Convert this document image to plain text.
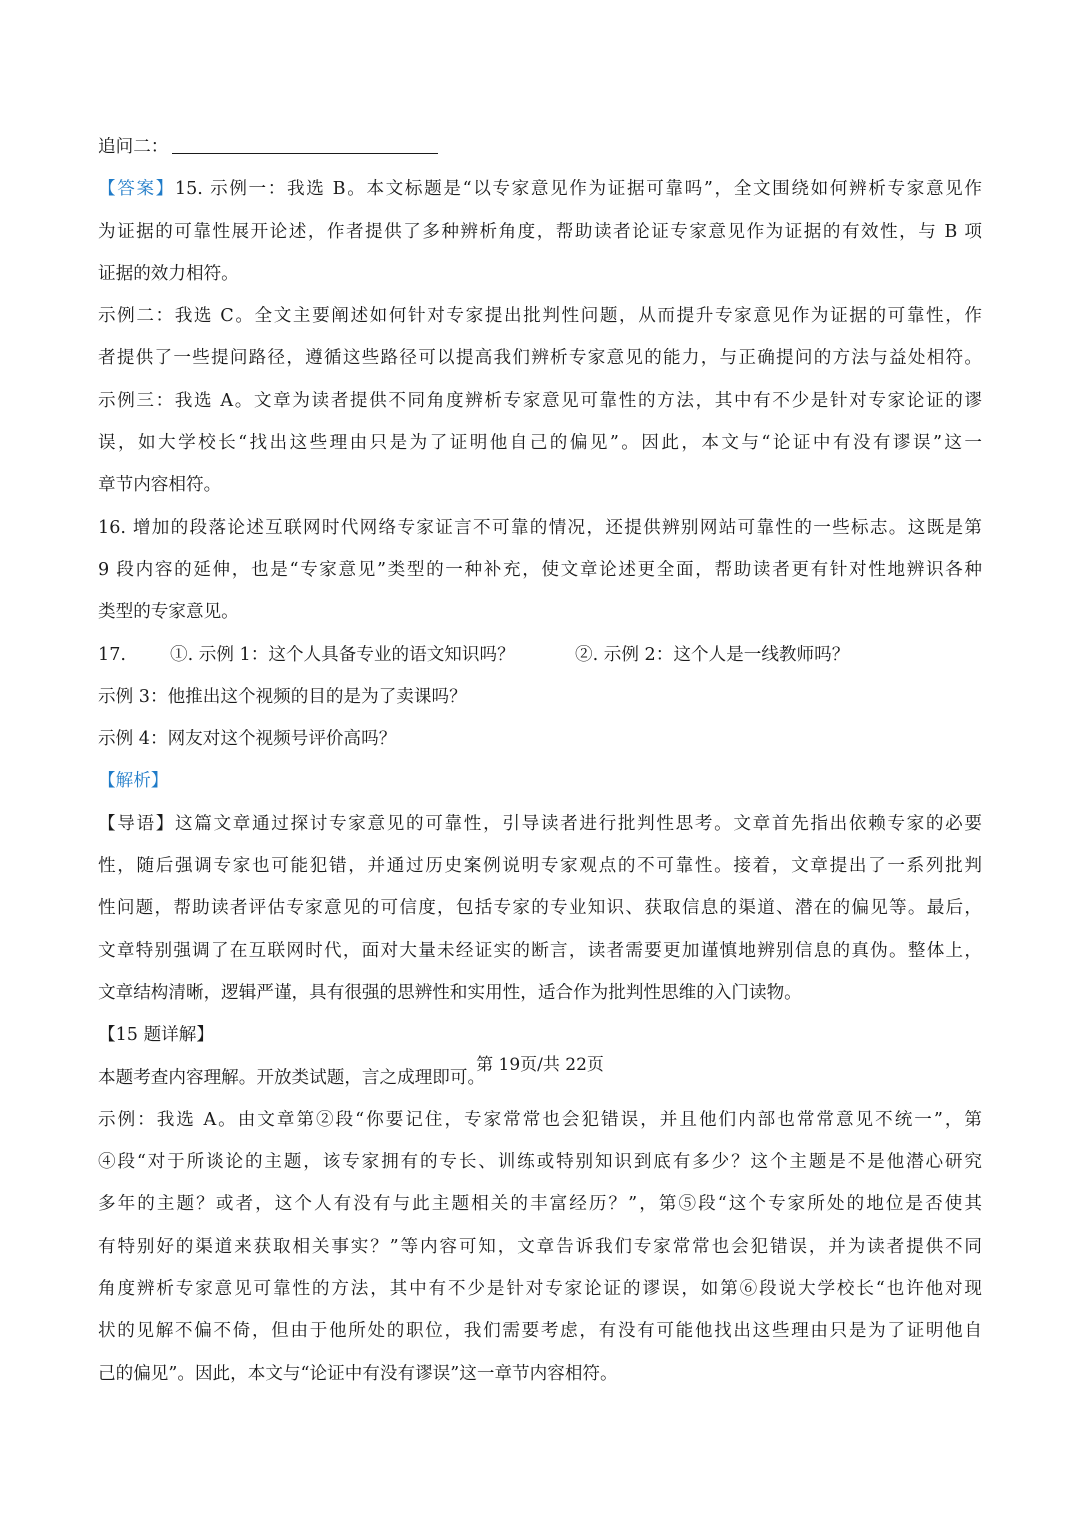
追问二：
【答案】15. 示例一：我选 B。本文标题是“以专家意见作为证据可靠吗”，全文围绕如何辨析专家意见作
为证据的可靠性展开论述，作者提供了多种辨析角度，帮助读者论证专家意见作为证据的有效性，与 B 项
证据的效力相符。
示例二：我选 C。全文主要阐述如何针对专家提出批判性问题，从而提升专家意见作为证据的可靠性，作
者提供了一些提问路径，遵循这些路径可以提高我们辨析专家意见的能力，与正确提问的方法与益处相符。
示例三：我选 A。文章为读者提供不同角度辨析专家意见可靠性的方法，其中有不少是针对专家论证的谬
误，如大学校长“找出这些理由只是为了证明他自己的偏见”。因此，本文与“论证中有没有谬误”这一
章节内容相符。
16. 增加的段落论述互联网时代网络专家证言不可靠的情况，还提供辨别网站可靠性的一些标志。这既是第
9 段内容的延伸，也是“专家意见”类型的一种补充，使文章论述更全面，帮助读者更有针对性地辨识各种
类型的专家意见。
17.	①. 示例 1：这个人具备专业的语文知识吗？	②. 示例 2：这个人是一线教师吗？
示例 3：他推出这个视频的目的是为了卖课吗？
示例 4：网友对这个视频号评价高吗？
【解析】
【导语】这篇文章通过探讨专家意见的可靠性，引导读者进行批判性思考。文章首先指出依赖专家的必要
性，随后强调专家也可能犯错，并通过历史案例说明专家观点的不可靠性。接着，文章提出了一系列批判
性问题，帮助读者评估专家意见的可信度，包括专家的专业知识、获取信息的渠道、潜在的偏见等。最后，
文章特别强调了在互联网时代，面对大量未经证实的断言，读者需要更加谨慎地辨别信息的真伪。整体上，
文章结构清晰，逻辑严谨，具有很强的思辨性和实用性，适合作为批判性思维的入门读物。
【15 题详解】
本题考查内容理解。开放类试题，言之成理即可。
示例：我选 A。由文章第②段“你要记住，专家常常也会犯错误，并且他们内部也常常意见不统一”，第
④段“对于所谈论的主题，该专家拥有的专长、训练或特别知识到底有多少？这个主题是不是他潜心研究
多年的主题？或者，这个人有没有与此主题相关的丰富经历？”，第⑤段“这个专家所处的地位是否使其
有特别好的渠道来获取相关事实？”等内容可知，文章告诉我们专家常常也会犯错误，并为读者提供不同
角度辨析专家意见可靠性的方法，其中有不少是针对专家论证的谬误，如第⑥段说大学校长“也许他对现
状的见解不偏不倚，但由于他所处的职位，我们需要考虑，有没有可能他找出这些理由只是为了证明他自
己的偏见”。因此，本文与“论证中有没有谬误”这一章节内容相符。
第 19页/共 22页
